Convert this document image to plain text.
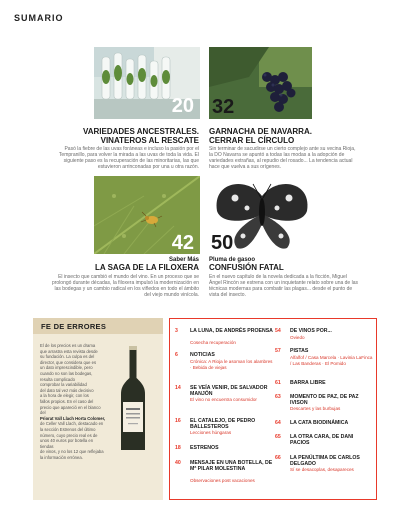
SUMARIO
20 32
VARIEDADES ANCESTRALES.
VINATEROS AL RESCATE
Pasó la fiebre de las uvas foráneas e incluso la pasión por el Tempranillo, para volver la mirada a las uvas de toda la vida. El siguiente paso es la recuperación de las minoritarias, las que estuvieron arrinconadas por una u otra razón.
GARNACHA DE NAVARRA.
CERRAR EL CÍRCULO
Sin terminar de sacudirse un cierto complejo ante su vecina Rioja, la DO Navarra se apuntó a todas las modas a la adopción de variedades extrañas, al repudio del rosado... La tendencia actual hace que vuelva a sus orígenes.
42 50
Saber Más
LA SAGA DE LA FILOXERA
El insecto que cambió el mundo del vino. En un proceso que se prolongó durante décadas, la filoxera impulsó la modernización en las bodegas y un cambio radical en los viñedos en todo el ámbito del viejo mundo vinícola.
Pluma de gasoo
CONFUSIÓN FATAL
En el nuevo capítulo de la novela dedicada a la ficción, Miguel Ángel Rincón se estrena con un inquietante relato sobre una de las técnicas modernas para combatir las plagas... desde el punto de vista del insecto.
FE DE ERRORES
El de los precios es un drama
que arrastra esta revista desde
su fundación. La culpa es del
director, que considera que es
un dato imprescindible, pero
cuando no son las bodegas,
resulta complicado
comprobar la variabilidad
del dato tal vez más decisivo
a la hora de elegir, con los
fallos propios. En el caso del
precio que apareció en el blanco del
Priorat Vall Llach Horta Colomer,
de Celler Vall Llach, destacado en
la sección Estrenos del último
número, cuyo precio real es de
unos 40 euros por botella en tiendas
de vinos, y no los 12 que reflejaba
la información errónea.
3	LA LUNA, DE ANDRÉS PROENSA
Cosecha recuperación
6	NOTICIAS
Crónica: A Rioja le asoman los alambres · Bebida de viejas
14	SE VEÍA VENIR, DE SALVADOR MANJÓN
El vino no encuentra consumidor
16	EL CATALEJO, DE PEDRO BALLESTEROS
Lecciones húngaras
18	ESTRENOS
40	MENSAJE EN UNA BOTELLA, DE Mª PILAR MOLESTINA
Observaciones post vacaciones
54	DE VINOS POR...
Oviedo
57	PISTAS
Alfalfof / Casa Marcela · Lavinia LaFinca / Las Banderas · El Pomido
61	BARRA LIBRE
63	MOMENTO DE PAZ, DE PAZ IVISON
Descartes y las burbujas
64	LA CATA BIODINÁMICA
65	LA OTRA CARA, DE DANI PACIOS
66	LA PENÚLTIMA DE CARLOS DELGADO
Sí se desacoplas, desapareces
